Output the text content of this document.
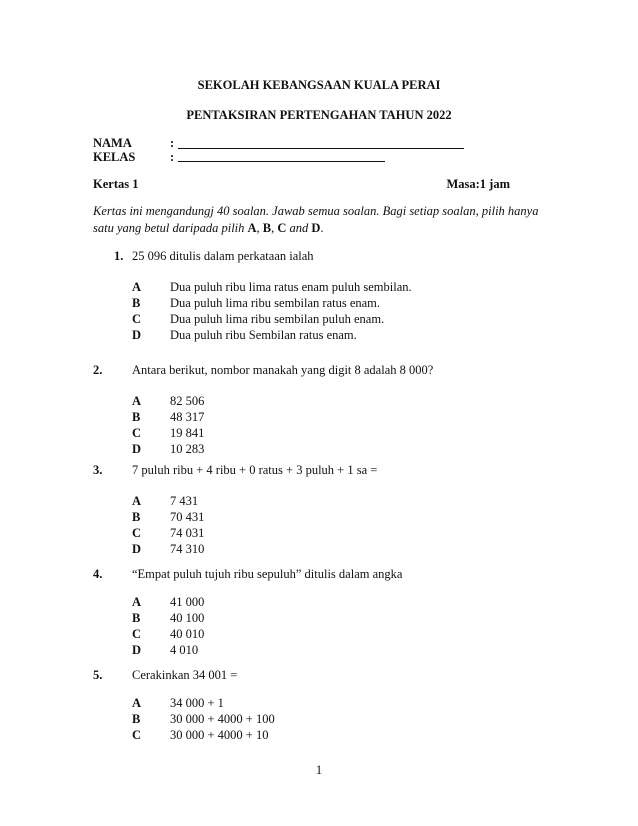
SEKOLAH KEBANGSAAN KUALA PERAI
PENTAKSIRAN PERTENGAHAN TAHUN 2022
NAMA	:
KELAS	:
Kertas 1	Masa:1 jam
Kertas ini mengandungj 40 soalan. Jawab semua soalan. Bagi setiap soalan, pilih hanya
satu yang betul daripada pilih A, B, C and D.
1. 25 096 ditulis dalam perkataan ialah
A Dua puluh ribu lima ratus enam puluh sembilan.
B Dua puluh lima ribu sembilan ratus enam.
C Dua puluh lima ribu sembilan puluh enam.
D Dua puluh ribu Sembilan ratus enam.
2. Antara berikut, nombor manakah yang digit 8 adalah 8 000?
A 82 506
B 48 317
C 19 841
D 10 283
3. 7 puluh ribu + 4 ribu + 0 ratus + 3 puluh + 1 sa =
A 7 431
B 70 431
C 74 031
D 74 310
4. “Empat puluh tujuh ribu sepuluh” ditulis dalam angka
A 41 000
B 40 100
C 40 010
D 4 010
5. Cerakinkan 34 001 =
A 34 000 + 1
B 30 000 + 4000 + 100
C 30 000 + 4000 + 10
1
